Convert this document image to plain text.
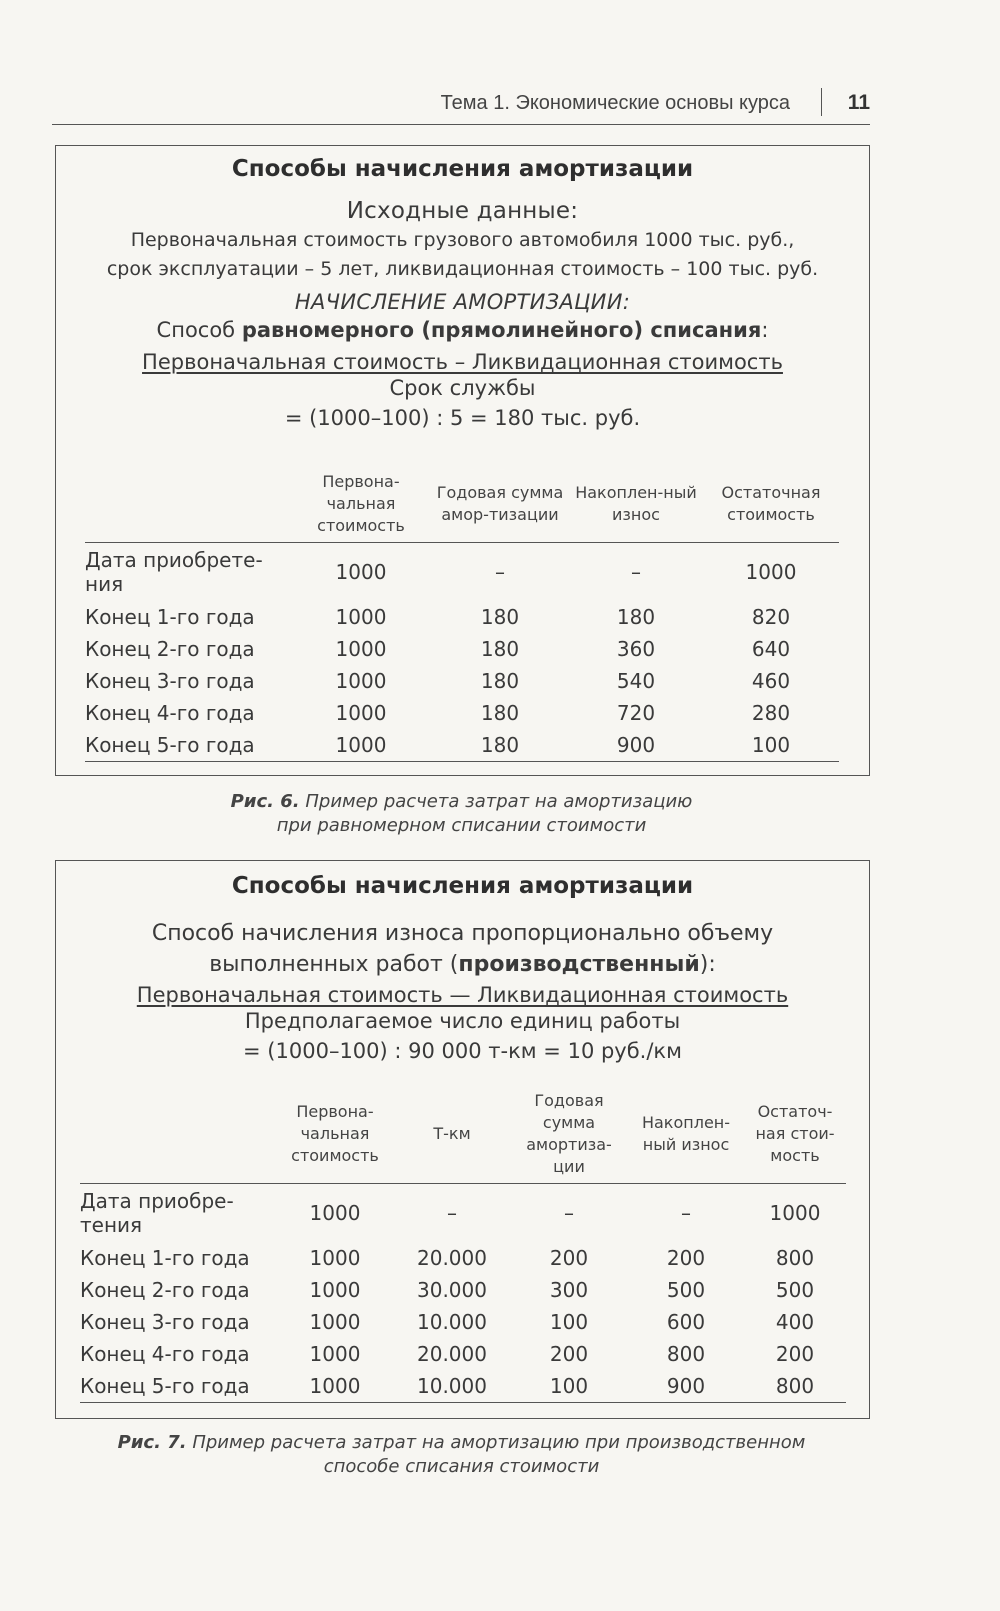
Тема 1. Экономические основы курса	11
Способы начисления амортизации
Исходные данные:
Первоначальная стоимость грузового автомобиля 1000 тыс. руб.,
срок эксплуатации – 5 лет, ликвидационная стоимость – 100 тыс. руб.
НАЧИСЛЕНИЕ АМОРТИЗАЦИИ:
Способ равномерного (прямолинейного) списания:
Первоначальная стоимость – Ликвидационная стоимость
Срок службы
= (1000–100) : 5 = 180 тыс. руб.
	Первона-чальная стоимость	Годовая сумма амор-тизации	Накоплен-ный износ	Остаточная стоимость
Дата приобрете-ния	1000	–	–	1000
Конец 1-го года	1000	180	180	820
Конец 2-го года	1000	180	360	640
Конец 3-го года	1000	180	540	460
Конец 4-го года	1000	180	720	280
Конец 5-го года	1000	180	900	100
Рис. 6. Пример расчета затрат на амортизацию
при равномерном списании стоимости
Способы начисления амортизации
Способ начисления износа пропорционально объему
выполненных работ (производственный):
Первоначальная стоимость — Ликвидационная стоимость
Предполагаемое число единиц работы
= (1000–100) : 90 000 т-км = 10 руб./км
	Первона-чальная стоимость	Т-км	Годовая сумма амортиза-ции	Накоплен-ный износ	Остаточ-ная стои-мость
Дата приобре-тения	1000	–	–	–	1000
Конец 1-го года	1000	20.000	200	200	800
Конец 2-го года	1000	30.000	300	500	500
Конец 3-го года	1000	10.000	100	600	400
Конец 4-го года	1000	20.000	200	800	200
Конец 5-го года	1000	10.000	100	900	800
Рис. 7. Пример расчета затрат на амортизацию при производственном
способе списания стоимости
